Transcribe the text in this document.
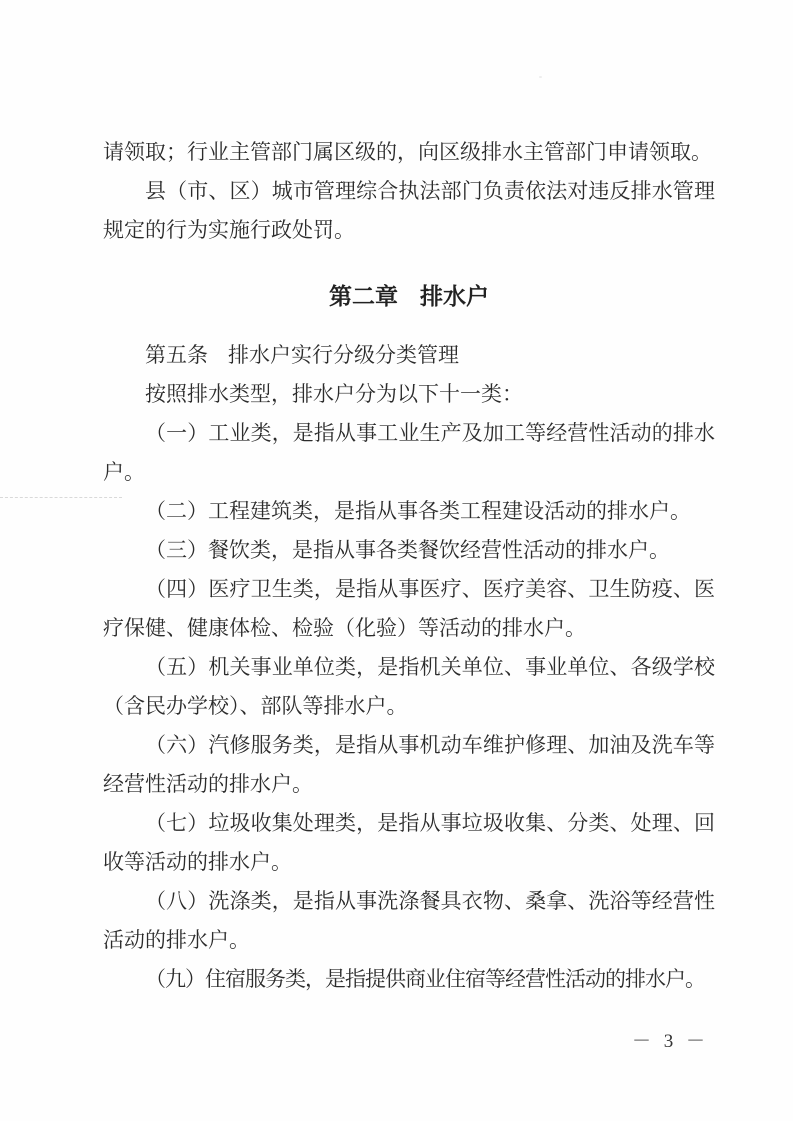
请领取；行业主管部门属区级的，向区级排水主管部门申请领取。

县（市、区）城市管理综合执法部门负责依法对违反排水管理规定的行为实施行政处罚。

第二章 排水户

第五条 排水户实行分级分类管理

按照排水类型，排水户分为以下十一类：

（一）工业类，是指从事工业生产及加工等经营性活动的排水户。

（二）工程建筑类，是指从事各类工程建设活动的排水户。

（三）餐饮类，是指从事各类餐饮经营性活动的排水户。

（四）医疗卫生类，是指从事医疗、医疗美容、卫生防疫、医疗保健、健康体检、检验（化验）等活动的排水户。

（五）机关事业单位类，是指机关单位、事业单位、各级学校（含民办学校）、部队等排水户。

（六）汽修服务类，是指从事机动车维护修理、加油及洗车等经营性活动的排水户。

（七）垃圾收集处理类，是指从事垃圾收集、分类、处理、回收等活动的排水户。

（八）洗涤类，是指从事洗涤餐具衣物、桑拿、洗浴等经营性活动的排水户。

（九）住宿服务类，是指提供商业住宿等经营性活动的排水户。

－ 3 －
